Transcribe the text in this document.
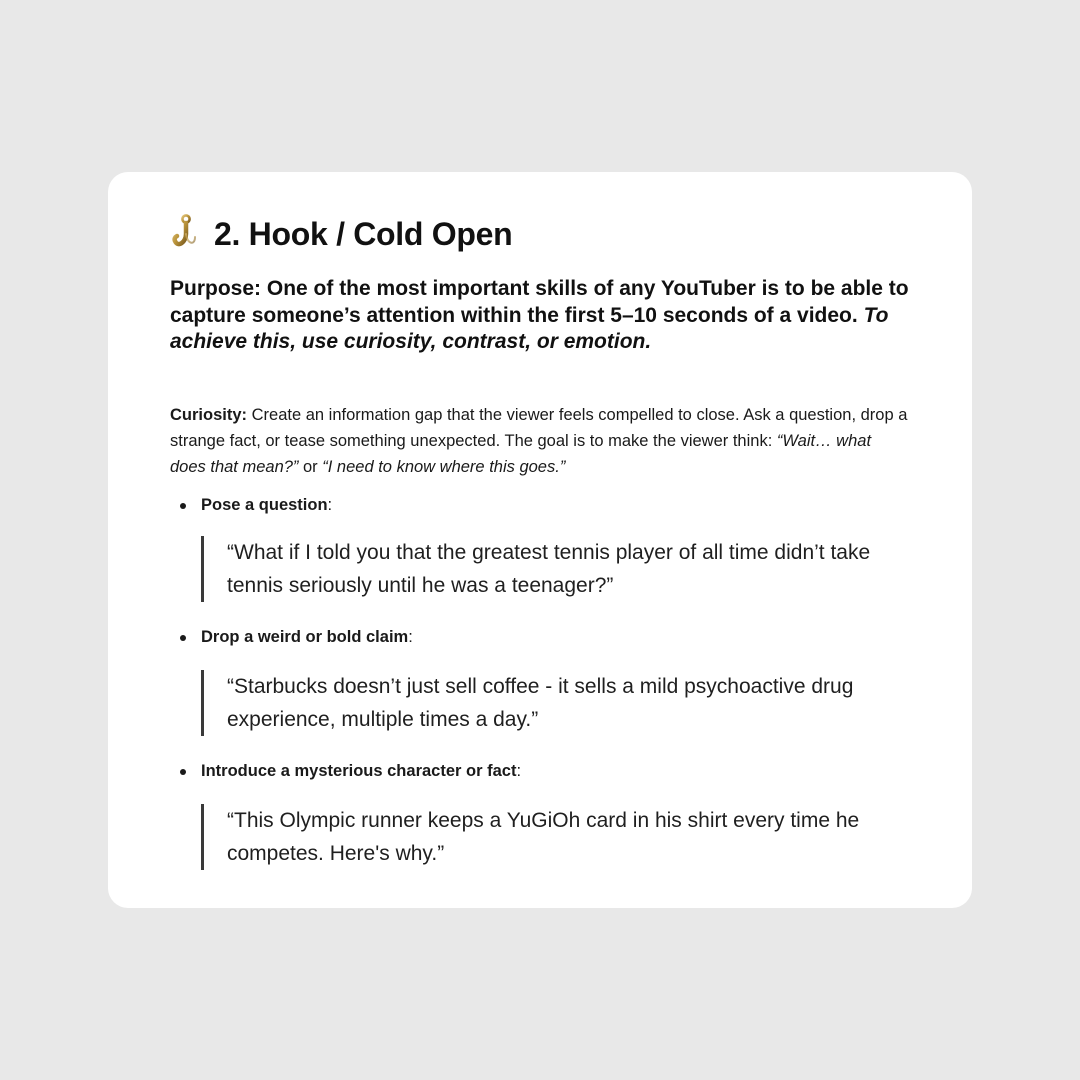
2. Hook / Cold Open

Purpose: One of the most important skills of any YouTuber is to be able to capture someone’s attention within the first 5–10 seconds of a video. To achieve this, use curiosity, contrast, or emotion.

Curiosity: Create an information gap that the viewer feels compelled to close. Ask a question, drop a strange fact, or tease something unexpected. The goal is to make the viewer think: “Wait… what does that mean?” or “I need to know where this goes.”

Pose a question:
“What if I told you that the greatest tennis player of all time didn’t take tennis seriously until he was a teenager?”
Drop a weird or bold claim:
“Starbucks doesn’t just sell coffee - it sells a mild psychoactive drug experience, multiple times a day.”
Introduce a mysterious character or fact:
“This Olympic runner keeps a YuGiOh card in his shirt every time he competes. Here's why.”
